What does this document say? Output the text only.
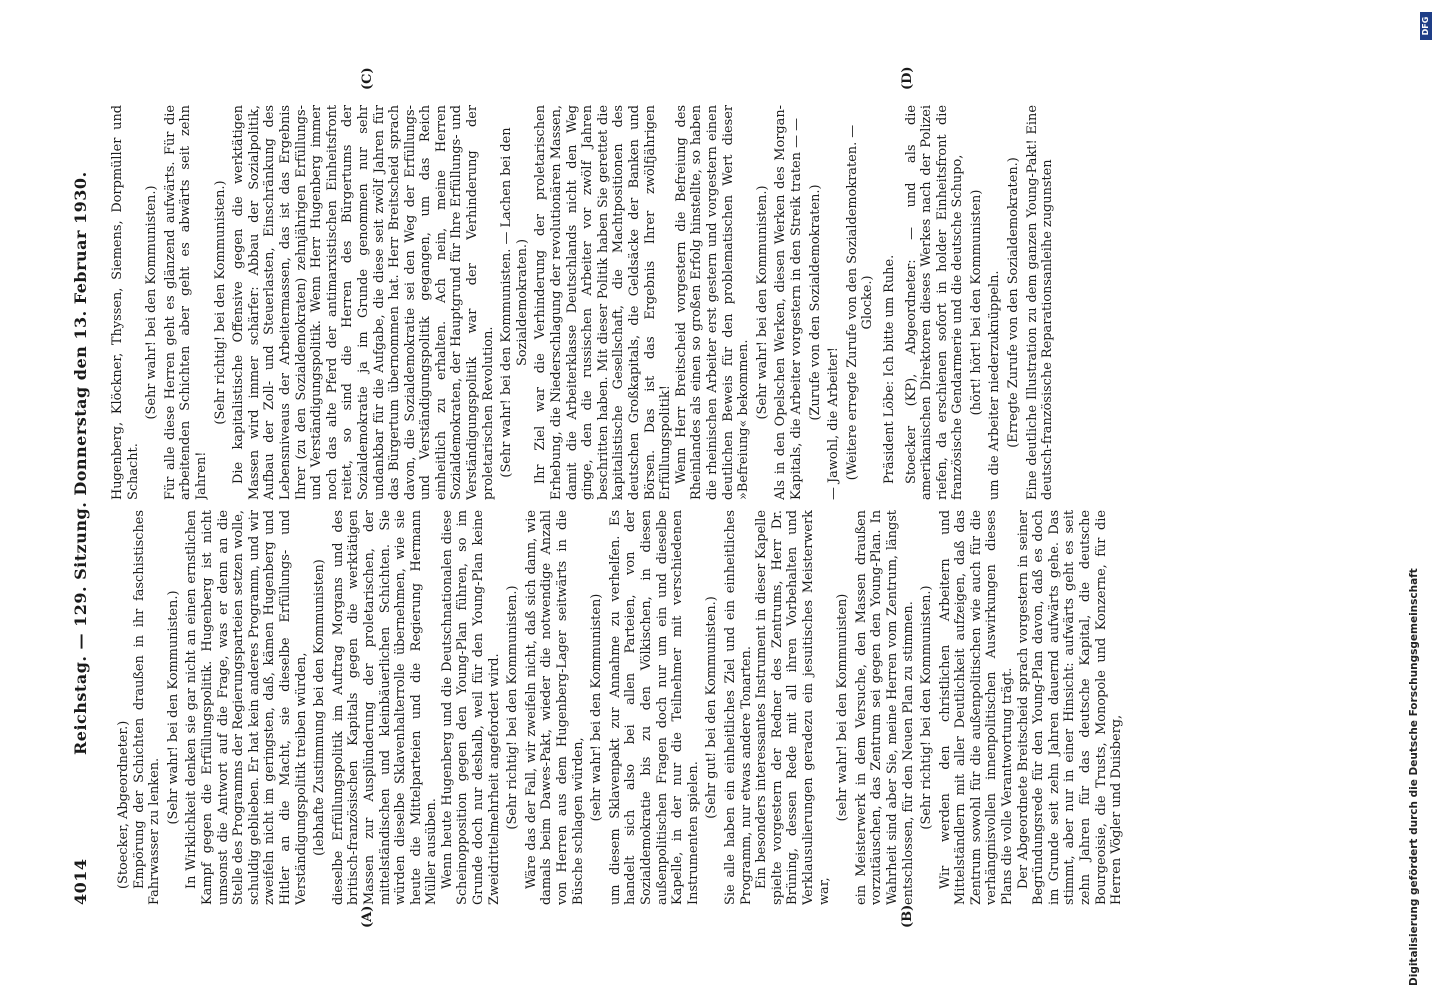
4014
Reichstag. — 129. Sitzung. Donnerstag den 13. Februar 1930.

(Stoecker, Abgeordneter.) Empörung der Schichten draußen in ihr faschistisches Fahrwasser zu lenken.

(Sehr wahr! bei den Kommunisten.) In Wirklichkeit denken sie gar nicht an einen ernstlichen Kampf gegen die Erfüllungspolitik. Hugenberg ist nicht umsonst die Antwort auf die Frage, was er denn an die Stelle des Programms der Regierungsparteien setzen wolle, schuldig geblieben. Er hat kein anderes Programm, und wir zweifeln nicht im geringsten, daß, kämen Hugenberg und Hitler an die Macht, sie dieselbe Erfüllungs- und Verständigungspolitik treiben würden, (lebhafte Zustimmung bei den Kommunisten) dieselbe Erfüllungspolitik im Auftrag Morgans und des britisch-französischen Kapitals gegen die werktätigen Massen zur Ausplünderung der proletarischen, der mittelständischen und kleinbäuerlichen Schichten. Sie würden dieselbe Sklavenhalterrolle übernehmen, wie sie heute die Mittelparteien und die Regierung Hermann Müller ausüben. Wenn heute Hugenberg und die Deutschnationalen diese Scheinopposition gegen den Young-Plan führen, so im Grunde doch nur deshalb, weil für den Young-Plan keine Zweidrittelmehrheit angefordert wird. (Sehr richtig! bei den Kommunisten.) Wäre das der Fall, wir zweifeln nicht, daß sich dann, wie damals beim Dawes-Pakt, wieder die notwendige Anzahl von Herren aus dem Hugenberg-Lager seitwärts in die Büsche schlagen würden, (sehr wahr! bei den Kommunisten) um diesem Sklavenpakt zur Annahme zu verhelfen. Es handelt sich also bei allen Parteien, von der Sozialdemokratie bis zu den Völkischen, in diesen außenpolitischen Fragen doch nur um ein und dieselbe Kapelle, in der nur die Teilnehmer mit verschiedenen Instrumenten spielen.

(Sehr gut! bei den Kommunisten.) Sie alle haben ein einheitliches Ziel und ein einheitliches Programm, nur etwas andere Tonarten. Ein besonders interessantes Instrument in dieser Kapelle spielte vorgestern der Redner des Zentrums, Herr Dr. Brüning, dessen Rede mit all ihren Vorbehalten und Verklausulierungen geradezu ein jesuitisches Meisterwerk war,

(sehr wahr! bei den Kommunisten) ein Meisterwerk in dem Versuche, den Massen draußen vorzutäuschen, das Zentrum sei gegen den Young-Plan. In Wahrheit sind aber Sie, meine Herren vom Zentrum, längst entschlossen, für den Neuen Plan zu stimmen. (Sehr richtig! bei den Kommunisten.) Wir werden den christlichen Arbeitern und Mittelständlern mit aller Deutlichkeit aufzeigen, daß das Zentrum sowohl für die außenpolitischen wie auch für die verhängnisvollen innenpolitischen Auswirkungen dieses Plans die volle Verantwortung trägt. Der Abgeordnete Breitscheid sprach vorgestern in seiner Begründungsrede für den Young-Plan davon, daß es doch im Grunde seit zehn Jahren dauernd aufwärts gehe. Das stimmt, aber nur in einer Hinsicht: aufwärts geht es seit zehn Jahren für das deutsche Kapital, die deutsche Bourgeoisie, die Trusts, Monopole und Konzerne, für die Herren Vögler und Duisberg,

Hugenberg, Klöckner, Thyssen, Siemens, Dorpmüller und Schacht.

(Sehr wahr! bei den Kommunisten.) Für alle diese Herren geht es glänzend aufwärts. Für die arbeitenden Schichten aber geht es abwärts seit zehn Jahren!

(Sehr richtig! bei den Kommunisten.) Die kapitalistische Offensive gegen die werktätigen Massen wird immer schärfer: Abbau der Sozialpolitik, Aufbau der Zoll- und Steuerlasten, Einschränkung des Lebensniveaus der Arbeitermassen, das ist das Ergebnis Ihrer (zu den Sozialdemokraten) zehnjährigen Erfüllungs- und Verständigungspolitik. Wenn Herr Hugenberg immer noch das alte Pferd der antimarxistischen Einheitsfront reitet, so sind die Herren des Bürgertums der Sozialdemokratie ja im Grunde genommen nur sehr undankbar für die Aufgabe, die diese seit zwölf Jahren für das Bürgertum übernommen hat. Herr Breitscheid sprach davon, die Sozialdemokratie sei den Weg der Erfüllungs- und Verständigungspolitik gegangen, um das Reich einheitlich zu erhalten. Ach nein, meine Herren Sozialdemokraten, der Hauptgrund für Ihre Erfüllungs- und Verständigungspolitik war der Verhinderung der proletarischen Revolution. (Sehr wahr! bei den Kommunisten. — Lachen bei den Sozialdemokraten.) Ihr Ziel war die Verhinderung der proletarischen Erhebung, die Niederschlagung der revolutionären Massen, damit die Arbeiterklasse Deutschlands nicht den Weg ginge, den die russischen Arbeiter vor zwölf Jahren beschritten haben. Mit dieser Politik haben Sie gerettet die kapitalistische Gesellschaft, die Machtpositionen des deutschen Großkapitals, die Geldsäcke der Banken und Börsen. Das ist das Ergebnis Ihrer zwölfjährigen Erfüllungspolitik! Wenn Herr Breitscheid vorgestern die Befreiung des Rheinlandes als einen so großen Erfolg hinstellte, so haben die rheinischen Arbeiter erst gestern und vorgestern einen deutlichen Beweis für den problematischen Wert dieser »Befreiung« bekommen.

(Sehr wahr! bei den Kommunisten.) Als in den Opelschen Werken, diesen Werken des Morgan-Kapitals, die Arbeiter vorgestern in den Streik traten — — (Zurufe von den Sozialdemokraten.)

— Jawohl, die Arbeiter! (Weitere erregte Zurufe von den Sozialdemokraten. — Glocke.) Präsident Löbe: Ich bitte um Ruhe. Stoecker (KP), Abgeordneter: — und als die amerikanischen Direktoren dieses Werkes nach der Polizei riefen, da erschienen sofort in holder Einheitsfront die französische Gendarmerie und die deutsche Schupo, (hört! hört! bei den Kommunisten) um die Arbeiter niederzuknüppeln. (Erregte Zurufe von den Sozialdemokraten.) Eine deutliche Illustration zu dem ganzen Young-Pakt! Eine deutsch-französische Reparationsanleihe zugunsten

(A)	(B)
(C)	(D)
Digitalisierung gefördert durch die Deutsche Forschungsgemeinschaft
DFG
